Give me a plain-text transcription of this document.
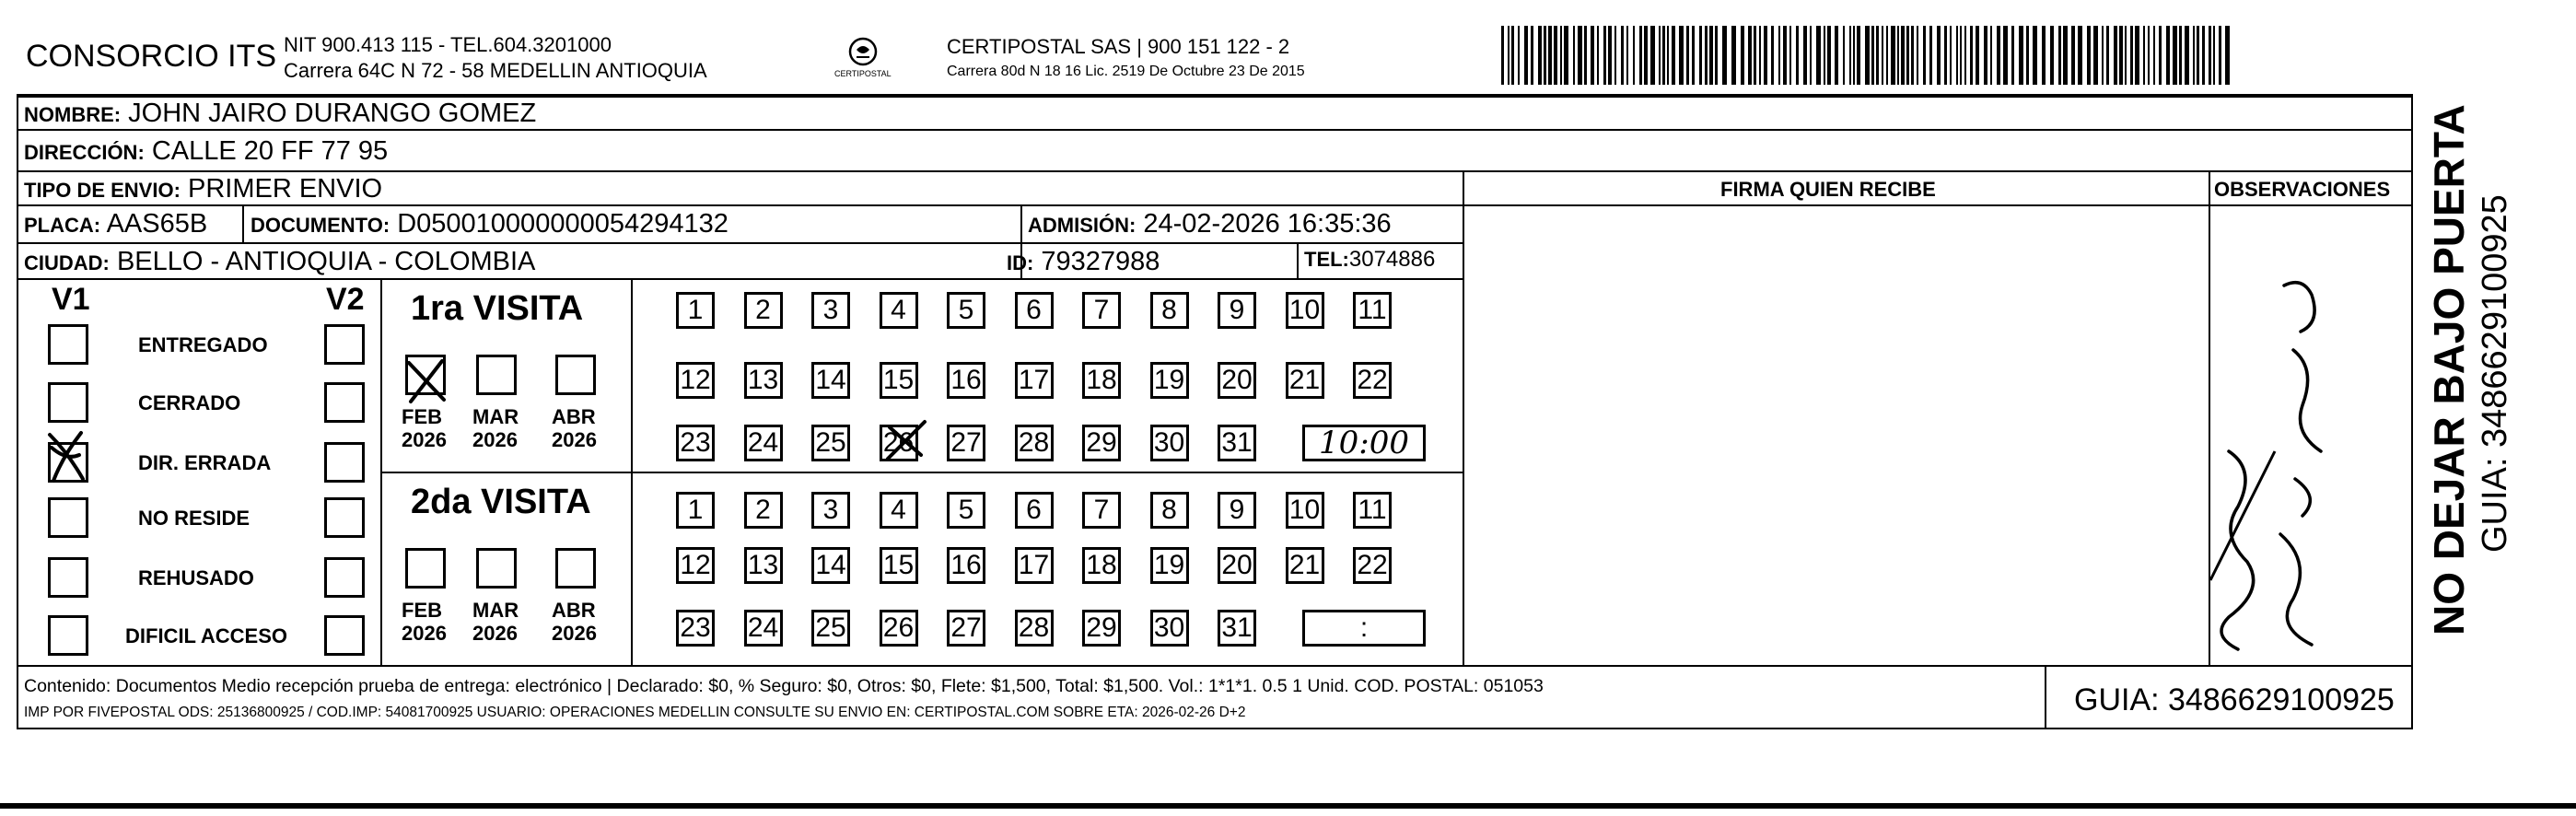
CONSORCIO ITS NIT 900.413 115 - TEL.604.3201000
Carrera 64C N 72 - 58 MEDELLIN ANTIOQUIA	CERTIPOSTAL
CERTIPOSTAL SAS | 900 151 122 - 2
Carrera 80d N 18 16 Lic. 2519 De Octubre 23 De 2015
NOMBRE: JOHN JAIRO DURANGO GOMEZ
DIRECCIÓN: CALLE 20 FF 77 95
TIPO DE ENVIO: PRIMER ENVIO
PLACA: AAS65B DOCUMENTO: D050010000000054294132	ADMISIÓN: 24-02-2026 16:35:36
CIUDAD: BELLO - ANTIOQUIA - COLOMBIA	ID: 79327988	TEL:3074886
FIRMA QUIEN RECIBE	OBSERVACIONES
V1	V2
ENTREGADO
CERRADO
DIR. ERRADA
NO RESIDE
REHUSADO
DIFICIL ACCESO
1ra VISITA
2da VISITA
FEB
2026
MAR
2026
ABR
2026
FEB
2026
MAR
2026
ABR
2026
1	2	3	4	5	6	7	8	9	10 11
12 13 14 15 16 17 18 19 20 21 22
23 24 25 26 27 28 29 30 31	10:00
1	2	3	4	5	6	7	8	9	10 11
12 13 14 15 16 17 18 19 20 21 22
23 24 25 26 27 28 29 30 31	:
Contenido: Documentos Medio recepción prueba de entrega: electrónico | Declarado: $0, % Seguro: $0, Otros: $0, Flete: $1,500, Total: $1,500. Vol.: 1*1*1. 0.5 1 Unid. COD. POSTAL: 051053
IMP POR FIVEPOSTAL ODS: 25136800925 / COD.IMP: 54081700925 USUARIO: OPERACIONES MEDELLIN CONSULTE SU ENVIO EN: CERTIPOSTAL.COM SOBRE ETA: 2026-02-26 D+2	GUIA: 3486629100925
NO DEJAR BAJO PUERTA GUIA: 3486629100925
